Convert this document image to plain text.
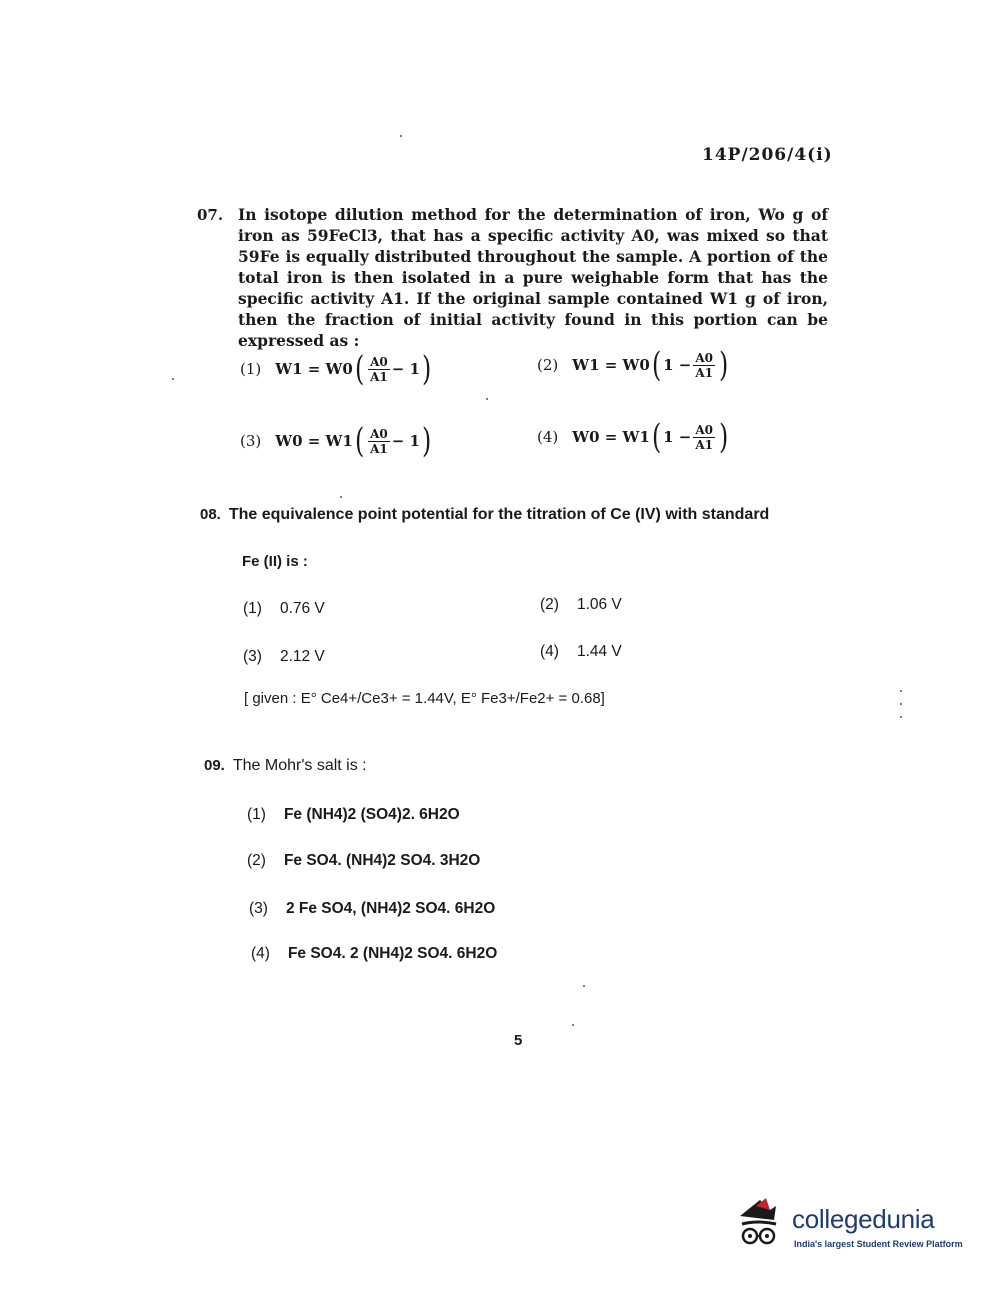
14P/206/4(i)
07. In isotope dilution method for the determination of iron, Wo g of iron as 59FeCl3, that has a specific activity A0, was mixed so that 59Fe is equally distributed throughout the sample. A portion of the total iron is then isolated in a pure weighable form that has the specific activity A1. If the original sample contained W1 g of iron, then the fraction of initial activity found in this portion can be expressed as :
(1) W1 = W0 ( $\frac{A0}{A1} - 1$ )	(2) W1 = W0 ( $1 - \frac{A0}{A1}$ )
(3) W0 = W1 ( $\frac{A0}{A1} - 1$ )	(4) W0 = W1 ( $1 - \frac{A0}{A1}$ )
08. The equivalence point potential for the titration of Ce (IV) with standard
Fe (II) is :
(1) 0.76 V	(2) 1.06 V
(3) 2.12 V	(4) 1.44 V
[ given : E° Ce4+/Ce3+ = 1.44V, E° Fe3+/Fe2+ = 0.68]
09. The Mohr's salt is :
(1) Fe (NH4)2 (SO4)2. 6H2O
(2) Fe SO4. (NH4)2 SO4. 3H2O
(3) 2 Fe SO4, (NH4)2 SO4. 6H2O
(4) Fe SO4. 2 (NH4)2 SO4. 6H2O
5
collegedunia
India's largest Student Review Platform
